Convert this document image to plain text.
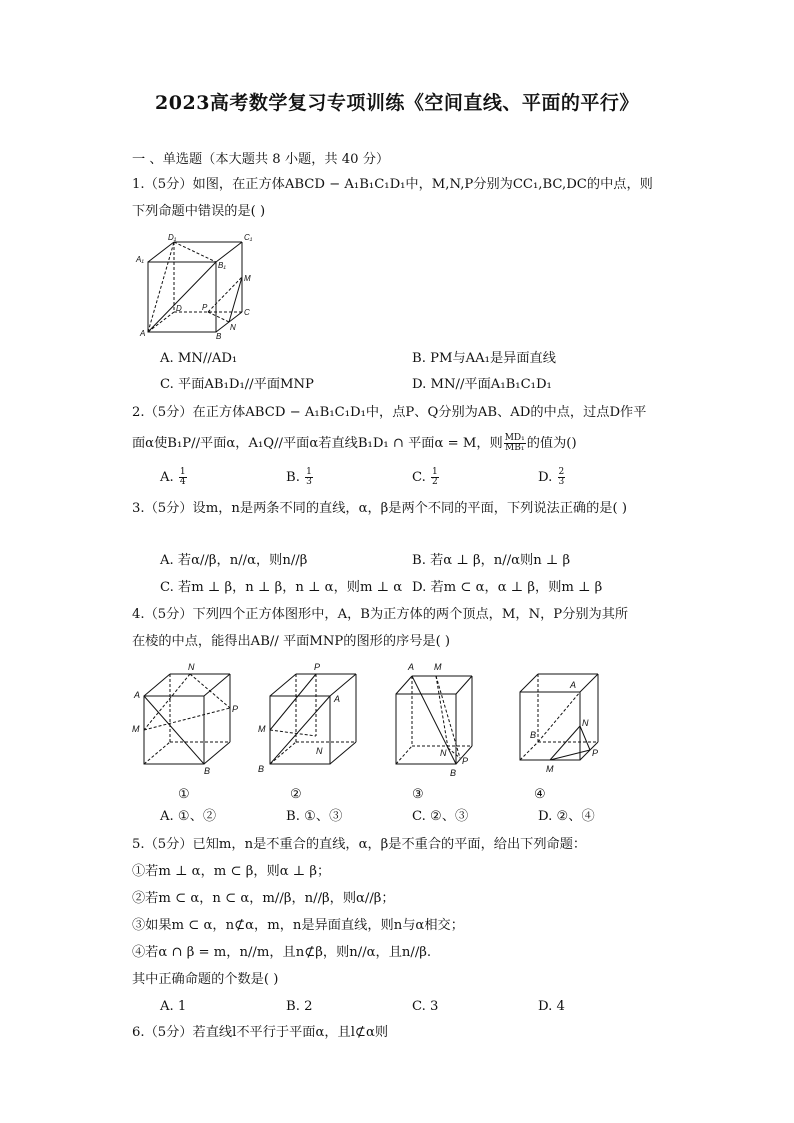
2023高考数学复习专项训练《空间直线、平面的平行》
一 、单选题（本大题共 8 小题，共 40 分）
1.（5分）如图，在正方体ABCD − A₁B₁C₁D₁中，M,N,P分别为CC₁,BC,DC的中点，则
下列命题中错误的是( )
D₁	C₁
A₁
B₁
M
D	P
C
A	B
N
A. MN//AD₁	B. PM与AA₁是异面直线
C. 平面AB₁D₁//平面MNP	D. MN//平面A₁B₁C₁D₁
2.（5分）在正方体ABCD − A₁B₁C₁D₁中，点P、Q分别为AB、AD的中点，过点D作平
面α使B₁P//平面α，A₁Q//平面α若直线B₁D₁ ∩ 平面α = M，则 $\frac{\text{MD₁}}{\text{MB₁}}$ 的值为()
A. $\frac{1}{4}$	B. $\frac{1}{3}$	C. $\frac{1}{2}$	D. $\frac{2}{3}$
3.（5分）设m，n是两条不同的直线，α，β是两个不同的平面，下列说法正确的是( )
A. 若α//β，n//α，则n//β	B. 若α ⊥ β，n//α则n ⊥ β
C. 若m ⊥ β，n ⊥ β，n ⊥ α，则m ⊥ α D. 若m ⊂ α，α ⊥ β，则m ⊥ β
4.（5分）下列四个正方体图形中，A，B为正方体的两个顶点，M，N，P分别为其所
在棱的中点，能得出AB// 平面MNP的图形的序号是( )
N
A
P
M
B
P
A
M
N
B
A M
N
B
P
A
N
B
P
M
①	②	③	④
A. ①、②	B. ①、③	C. ②、③	D. ②、④
5.（5分）已知m，n是不重合的直线，α，β是不重合的平面，给出下列命题：
①若m ⊥ α，m ⊂ β，则α ⊥ β；
②若m ⊂ α，n ⊂ α，m//β，n//β，则α//β；
③如果m ⊂ α，n⊄α，m，n是异面直线，则n与α相交；
④若α ∩ β = m，n//m，且n⊄β，则n//α，且n//β.
其中正确命题的个数是( )
A. 1	B. 2	C. 3	D. 4
6.（5分）若直线l不平行于平面α，且l⊄α则
